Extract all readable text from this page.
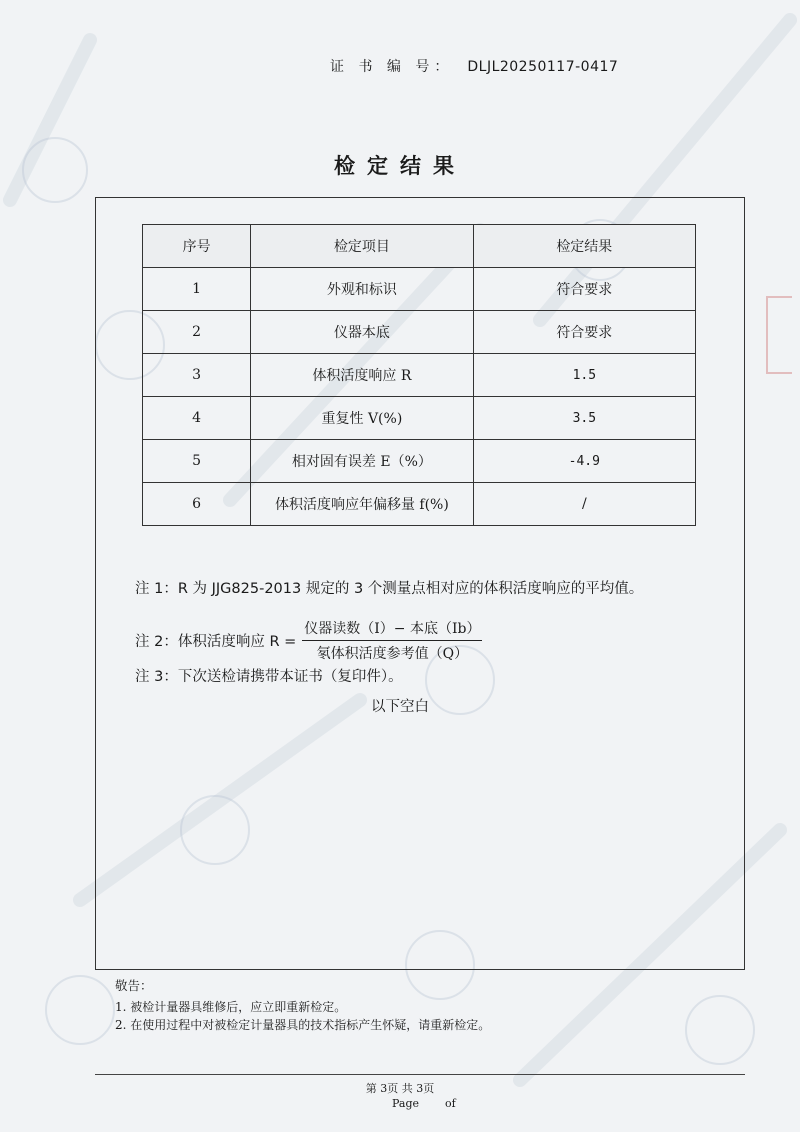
证 书 编 号： DLJL20250117-0417
检定结果
序号	检定项目	检定结果
1	外观和标识	符合要求
2	仪器本底	符合要求
3	体积活度响应 R	1.5
4	重复性 V(%)	3.5
5	相对固有误差 E（%）	-4.9
6	体积活度响应年偏移量 f(%)	/
注 1：R 为 JJG825-2013 规定的 3 个测量点相对应的体积活度响应的平均值。
注 2：体积活度响应 $R = \frac{\text{仪器读数（I）− 本底（Ib）}}{\text{氡体积活度参考值（Q）}}$
注 3：下次送检请携带本证书（复印件）。
以下空白
敬告：
1. 被检计量器具维修后，应立即重新检定。
2. 在使用过程中对被检定计量器具的技术指标产生怀疑，请重新检定。
第 3页 共 3页
Page of
